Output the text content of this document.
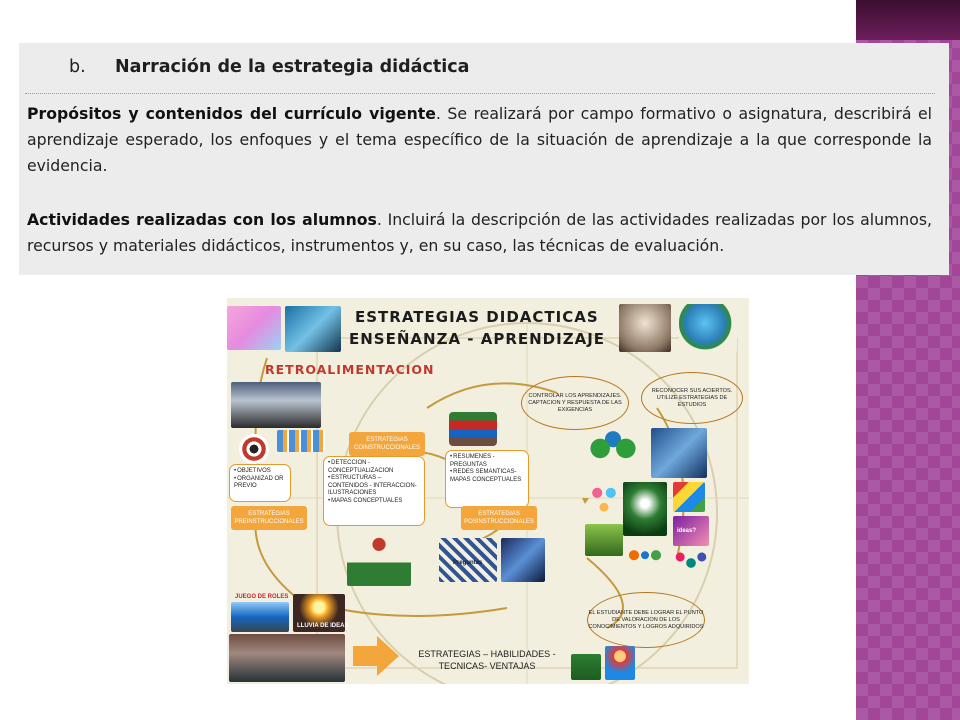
b. Narración de la estrategia didáctica
Propósitos y contenidos del currículo vigente. Se realizará por campo formativo o asignatura, describirá el aprendizaje esperado, los enfoques y el tema específico de la situación de aprendizaje a la que corresponde la evidencia.
Actividades realizadas con los alumnos. Incluirá la descripción de las actividades realizadas por los alumnos, recursos y materiales didácticos, instrumentos y, en su caso, las técnicas de evaluación.
ESTRATEGIAS DIDACTICAS
ENSEÑANZA - APRENDIZAJE
RETROALIMENTACION
• OBJETIVOS
• ORGANIZAD OR PREVIO
ESTRATEGIAS PREINSTRUCCIONALES
ESTRATEGIAS COINSTRUCCIONALES
• DETECCION - CONCEPTUALIZACION
• ESTRUCTURAS – CONTENIDOS - INTERACCION- ILUSTRACIONES
• MAPAS CONCEPTUALES
Preguntas
• RESUMENES - PREGUNTAS
• REDES SEMANTICAS- MAPAS CONCEPTUALES
ESTRATEGIAS POSINSTRUCCIONALES
CONTROLAR LOS APRENDIZAJES. CAPTACION Y RESPUESTA DE LAS EXIGENCIAS
RECONOCER SUS ACIERTOS. UTILIZE ESTRATEGIAS DE ESTUDIOS
ideas?
EL ESTUDIANTE DEBE LOGRAR EL PUNTO DE VALORACION DE LOS CONOCIMIENTOS Y LOGROS ADQUIRIDOS
JUEGO DE ROLES
LLUVIA DE IDEAS
ESTRATEGIAS – HABILIDADES -
TECNICAS- VENTAJAS
